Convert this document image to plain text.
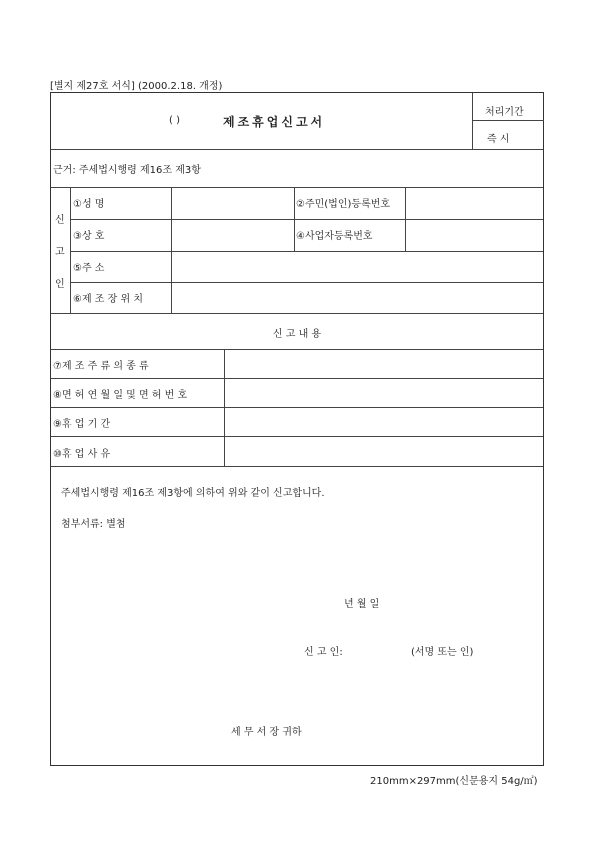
[별지 제27호 서식] (2000.2.18. 개정)
( )	제조휴업신고서
처리기간
즉 시
근거: 주세법시행령 제16조 제3항
신
고
인
①성 명	②주민(법인)등록번호
③상 호	④사업자등록번호
⑤주 소
⑥제 조 장 위 치
신 고 내 용
⑦제 조 주 류 의 종 류
⑧면 허 연 월 일 및 면 허 번 호
⑨휴 업 기 간
⑩휴 업 사 유
주세법시행령 제16조 제3항에 의하여 위와 같이 신고합니다.
첨부서류: 별첨
년 월 일
신 고 인:	(서명 또는 인)
세 무 서 장 귀하
210mm×297mm(신문용지 54g/㎡)
